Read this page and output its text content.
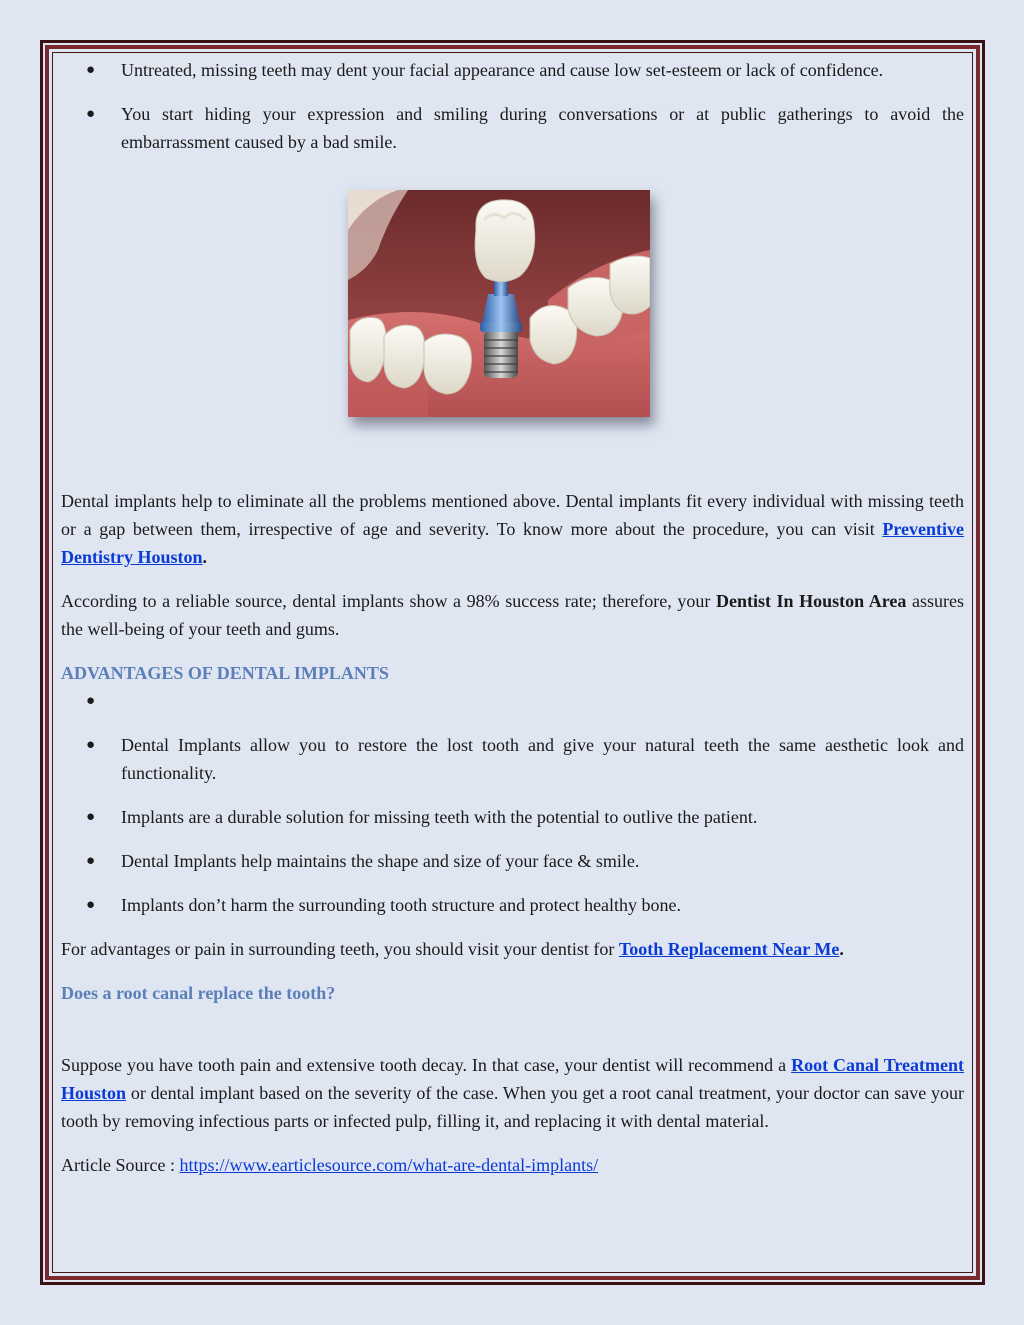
● Untreated, missing teeth may dent your facial appearance and cause low set-esteem or lack of confidence.
● You start hiding your expression and smiling during conversations or at public gatherings to avoid the embarrassment caused by a bad smile.

Dental implants help to eliminate all the problems mentioned above. Dental implants fit every individual with missing teeth or a gap between them, irrespective of age and severity. To know more about the procedure, you can visit Preventive Dentistry Houston.

According to a reliable source, dental implants show a 98% success rate; therefore, your Dentist In Houston Area assures the well-being of your teeth and gums.

ADVANTAGES OF DENTAL IMPLANTS
●
● Dental Implants allow you to restore the lost tooth and give your natural teeth the same aesthetic look and functionality.
● Implants are a durable solution for missing teeth with the potential to outlive the patient.
● Dental Implants help maintains the shape and size of your face & smile.
● Implants don’t harm the surrounding tooth structure and protect healthy bone.

For advantages or pain in surrounding teeth, you should visit your dentist for Tooth Replacement Near Me.

Does a root canal replace the tooth?

Suppose you have tooth pain and extensive tooth decay. In that case, your dentist will recommend a Root Canal Treatment Houston or dental implant based on the severity of the case. When you get a root canal treatment, your doctor can save your tooth by removing infectious parts or infected pulp, filling it, and replacing it with dental material.

Article Source : https://www.earticlesource.com/what-are-dental-implants/
